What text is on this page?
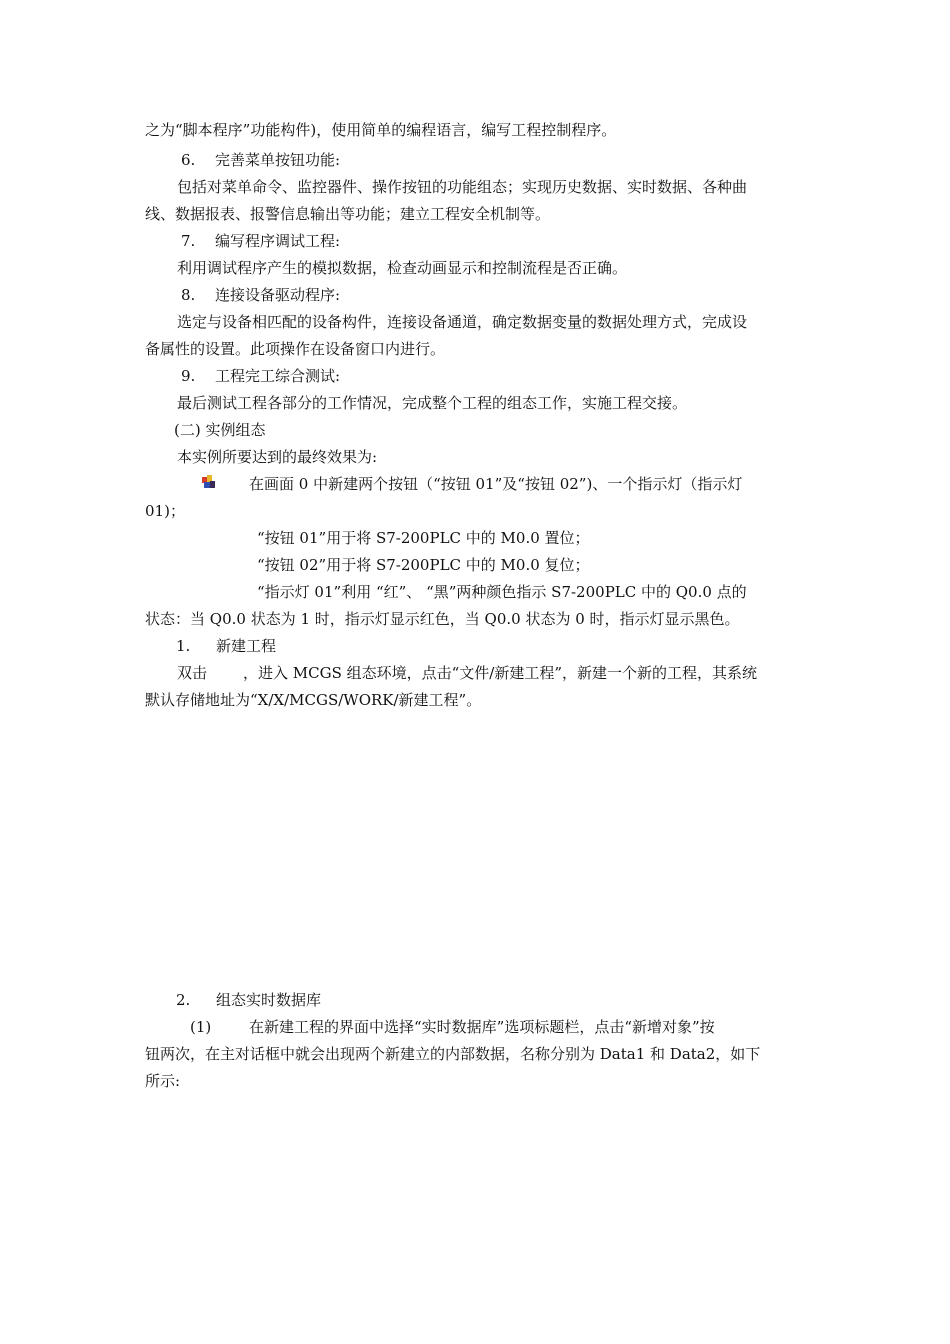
之为“脚本程序”功能构件)，使用简单的编程语言，编写工程控制程序。
6. 完善菜单按钮功能:
包括对菜单命令、监控器件、操作按钮的功能组态；实现历史数据、实时数据、各种曲
线、数据报表、报警信息输出等功能；建立工程安全机制等。
7. 编写程序调试工程:
利用调试程序产生的模拟数据，检查动画显示和控制流程是否正确。
8. 连接设备驱动程序:
选定与设备相匹配的设备构件，连接设备通道，确定数据变量的数据处理方式，完成设
备属性的设置。此项操作在设备窗口内进行。
9. 工程完工综合测试:
最后测试工程各部分的工作情况，完成整个工程的组态工作，实施工程交接。
(二) 实例组态
本实例所要达到的最终效果为:
在画面 0 中新建两个按钮（“按钮 01”及“按钮 02”)、一个指示灯（指示灯
01)；
“按钮 01”用于将 S7-200PLC 中的 M0.0 置位；
“按钮 02”用于将 S7-200PLC 中的 M0.0 复位；
“指示灯 01”利用 “红”、 “黑”两种颜色指示 S7-200PLC 中的 Q0.0 点的
状态：当 Q0.0 状态为 1 时，指示灯显示红色，当 Q0.0 状态为 0 时，指示灯显示黑色。
1. 新建工程
双击 ，进入 MCGS 组态环境，点击“文件/新建工程”，新建一个新的工程，其系统
默认存储地址为“X/X/MCGS/WORK/新建工程”。
2. 组态实时数据库
(1)	在新建工程的界面中选择“实时数据库”选项标题栏，点击“新增对象”按
钮两次，在主对话框中就会出现两个新建立的内部数据，名称分别为 Data1 和 Data2，如下
所示:
